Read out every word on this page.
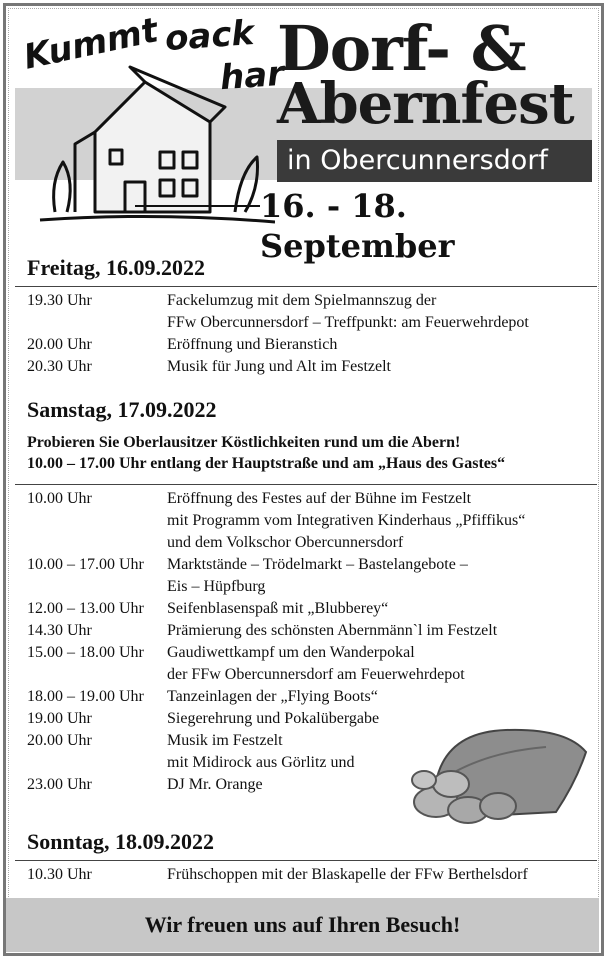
Kummt oack
har
Dorf- &
Abernfest
in Obercunnersdorf
16. - 18. September
Freitag, 16.09.2022
19.30 Uhr	Fackelumzug mit dem Spielmannszug der
FFw Obercunnersdorf – Treffpunkt: am Feuerwehrdepot
20.00 Uhr	Eröffnung und Bieranstich
20.30 Uhr	Musik für Jung und Alt im Festzelt
Samstag, 17.09.2022
Probieren Sie Oberlausitzer Köstlichkeiten rund um die Abern!
10.00 – 17.00 Uhr entlang der Hauptstraße und am „Haus des Gastes“
10.00 Uhr	Eröffnung des Festes auf der Bühne im Festzelt
mit Programm vom Integrativen Kinderhaus „Pfiffikus“
und dem Volkschor Obercunnersdorf
10.00 – 17.00 Uhr Marktstände – Trödelmarkt – Bastelangebote –
Eis – Hüpfburg
12.00 – 13.00 Uhr Seifenblasenspaß mit „Blubberey“
14.30 Uhr	Prämierung des schönsten Abernmänn`l im Festzelt
15.00 – 18.00 Uhr Gaudiwettkampf um den Wanderpokal
der FFw Obercunnersdorf am Feuerwehrdepot
18.00 – 19.00 Uhr Tanzeinlagen der „Flying Boots“
19.00 Uhr	Siegerehrung und Pokalübergabe
20.00 Uhr	Musik im Festzelt
mit Midirock aus Görlitz und
23.00 Uhr	DJ Mr. Orange
Sonntag, 18.09.2022
10.30 Uhr	Frühschoppen mit der Blaskapelle der FFw Berthelsdorf
Wir freuen uns auf Ihren Besuch!
